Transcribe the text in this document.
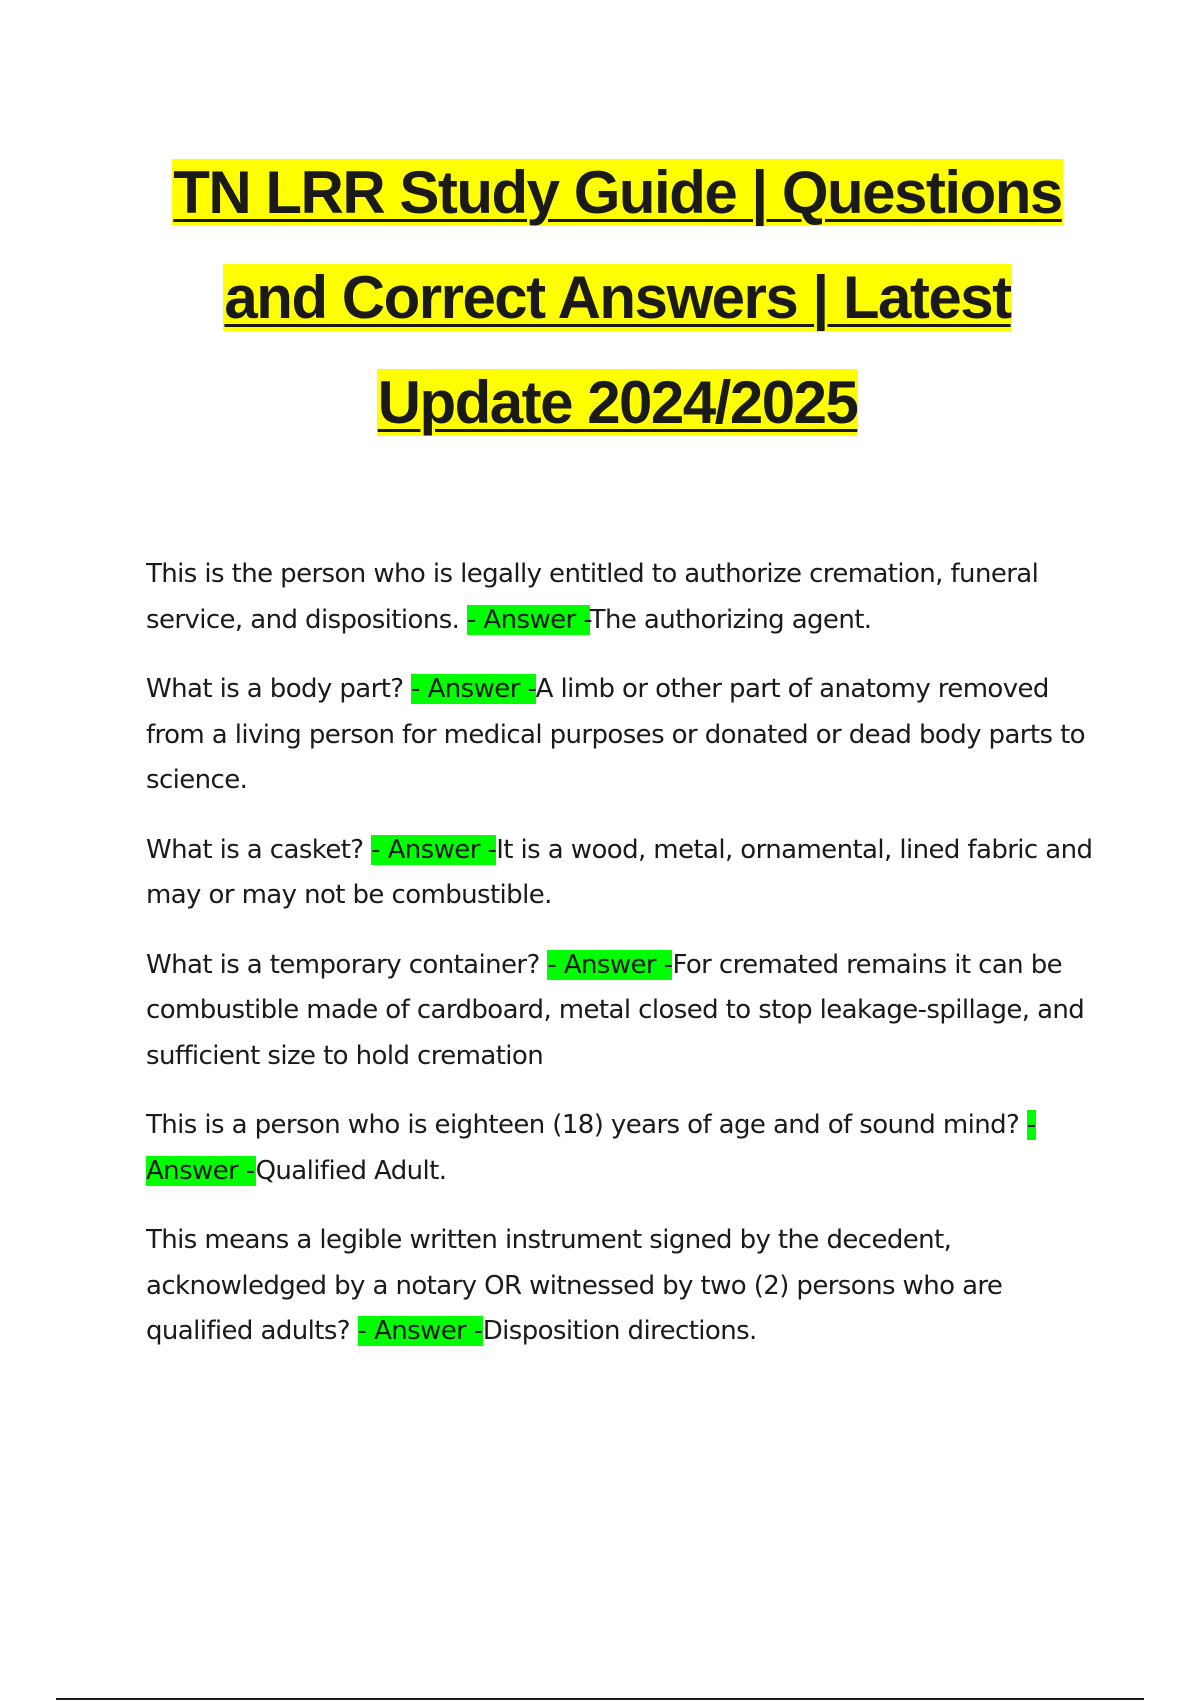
TN LRR Study Guide | Questions
and Correct Answers | Latest
Update 2024/2025

This is the person who is legally entitled to authorize cremation, funeral service, and dispositions. - Answer -The authorizing agent.

What is a body part? - Answer -A limb or other part of anatomy removed from a living person for medical purposes or donated or dead body parts to science.

What is a casket? - Answer -It is a wood, metal, ornamental, lined fabric and may or may not be combustible.

What is a temporary container? - Answer -For cremated remains it can be combustible made of cardboard, metal closed to stop leakage-spillage, and sufficient size to hold cremation

This is a person who is eighteen (18) years of age and of sound mind? - Answer -Qualified Adult.

This means a legible written instrument signed by the decedent, acknowledged by a notary OR witnessed by two (2) persons who are qualified adults? - Answer -Disposition directions.
